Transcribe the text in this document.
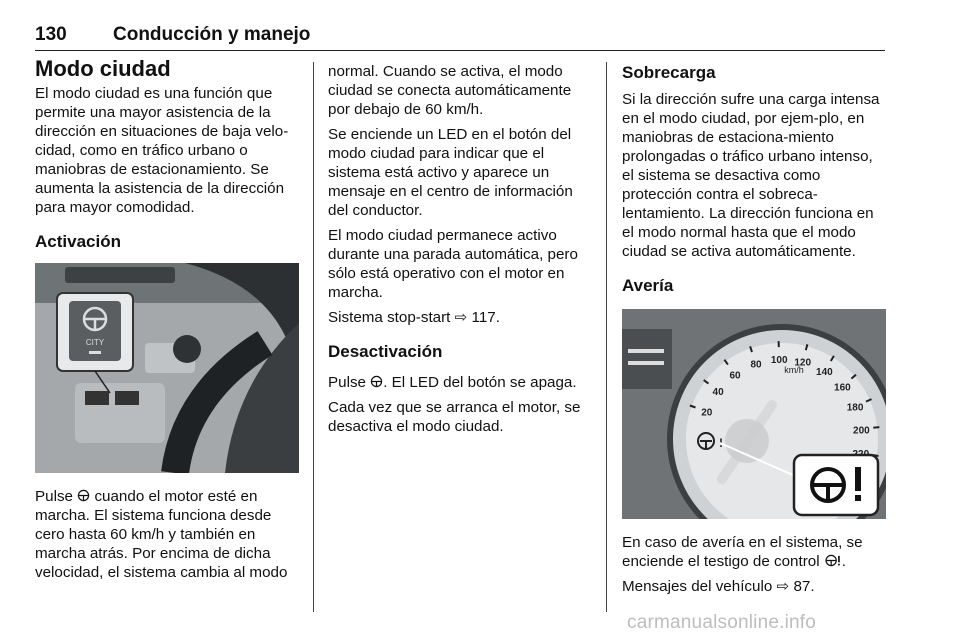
130 Conducción y manejo
Modo ciudad

El modo ciudad es una función que permite una mayor asistencia de la dirección en situaciones de baja velo-cidad, como en tráfico urbano o maniobras de estacionamiento. Se aumenta la asistencia de la dirección para mayor comodidad.

Activación
CITY

Pulse  cuando el motor esté en marcha. El sistema funciona desde cero hasta 60 km/h y también en marcha atrás. Por encima de dicha velocidad, el sistema cambia al modo

normal. Cuando se activa, el modo ciudad se conecta automáticamente por debajo de 60 km/h.

Se enciende un LED en el botón del modo ciudad para indicar que el sistema está activo y aparece un mensaje en el centro de información del conductor.

El modo ciudad permanece activo durante una parada automática, pero sólo está operativo con el motor en marcha.

Sistema stop-start ⇨ 117.

Desactivación

Pulse . El LED del botón se apaga.

Cada vez que se arranca el motor, se desactiva el modo ciudad.

Sobrecarga

Si la dirección sufre una carga intensa en el modo ciudad, por ejem-plo, en maniobras de estaciona-miento prolongadas o tráfico urbano intenso, el sistema se desactiva como protección contra el sobreca-lentamiento. La dirección funciona en el modo normal hasta que el modo ciudad se activa automáticamente.

Avería
20
40
60
80 100 120
140
160
180
200
km/h

En caso de avería en el sistema, se enciende el testigo de control .

Mensajes del vehículo ⇨ 87.

carmanualsonline.info
